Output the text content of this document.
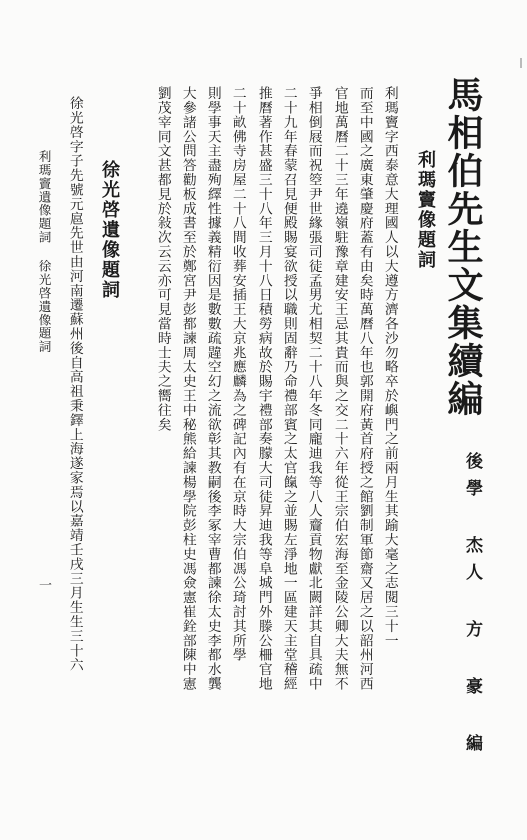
馬相伯先生文集續編
後學 杰人 方 豪 編
利瑪竇像題詞
利瑪竇字西泰意大理國人以大遵方濟各沙勿略卒於嶼門之前兩月生其踰大毫之志閱三十一
而至中國之廣東肇慶府蓋有由矣時萬曆八年也郭開府黃首府授之館劉制軍節齋又居之以韶州河西
官地萬曆二十三年遶嶺駐豫章建安王忌其貴而與之交二十六年從王宗伯宏海至金陵公卿大夫無不
爭相倒屐而祝箜尹世緣張司徒孟男尤相契二十八年冬同龐迪我等八人齎貢物獻北闕詳其自具疏中
二十九年春蒙召見便殿賜宴欲授以職則固辭乃命禮部賓之太官餼之並賜左淨地一區建天主堂稽經
推曆著作甚盛三十八年三月十八日積勞病故於賜宇禮部奏朦大司徒昇迪我等阜城門外滕公柵官地
二十畝佛寺房屋二十八間收葬安插王大京兆應麟為之碑記內有在京時大宗伯馮公琦討其所學
則學事天主盡殉繹性據義精衍因是數數疏韙空幻之流欲彰其教嗣後李冢宰曹都諫徐太史李都水龔
大參諸公問答勸板成書至於鄭宮尹彭都諫周太史王中秘熊給諫楊學院彭柱史馮僉憲崔銓部陳中憲
劉茂宰同文甚都見於敍次云云亦可見當時士夫之嚮往矣
徐光啓遺像題詞
徐光啓字子先號元扈先世由河南遷蘇州後自高祖秉鐸上海遂家焉以嘉靖壬戌三月生生三十六
利瑪竇遺像題詞 徐光啓遺像題詞
一
